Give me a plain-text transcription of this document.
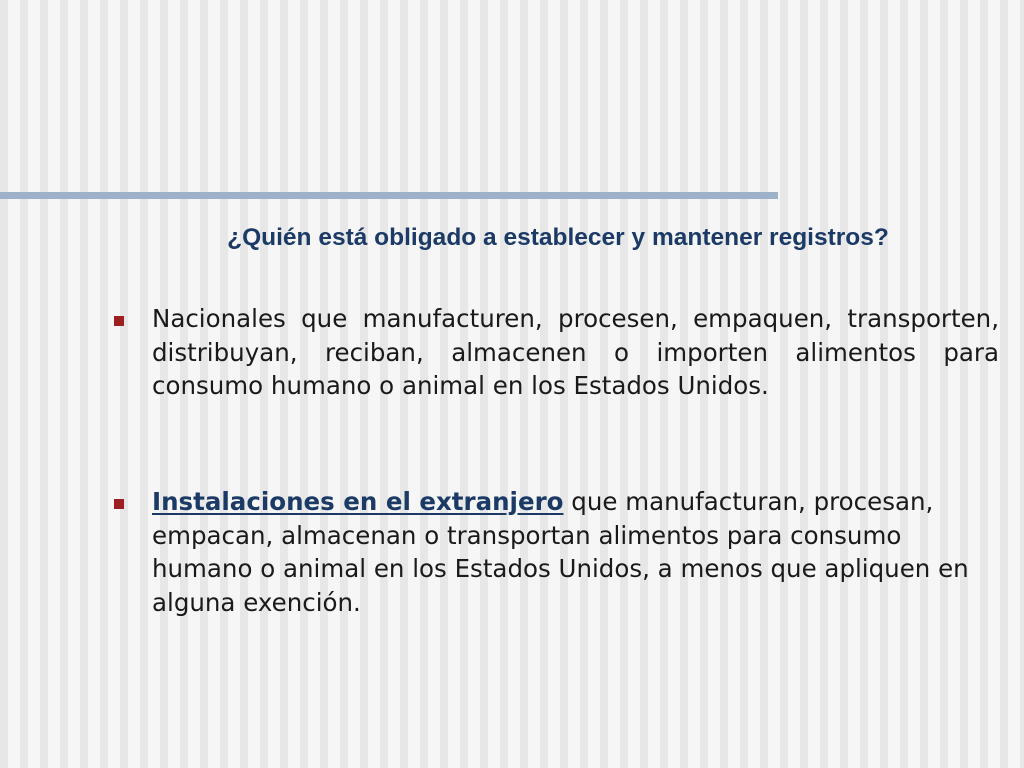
¿Quién está obligado a establecer y mantener registros?

Nacionales que manufacturen, procesen, empaquen, transporten, distribuyan, reciban, almacenen o importen alimentos para consumo humano o animal en los Estados Unidos.

Instalaciones en el extranjero que manufacturan, procesan, empacan, almacenan o transportan alimentos para consumo humano o animal en los Estados Unidos, a menos que apliquen en alguna exención.
